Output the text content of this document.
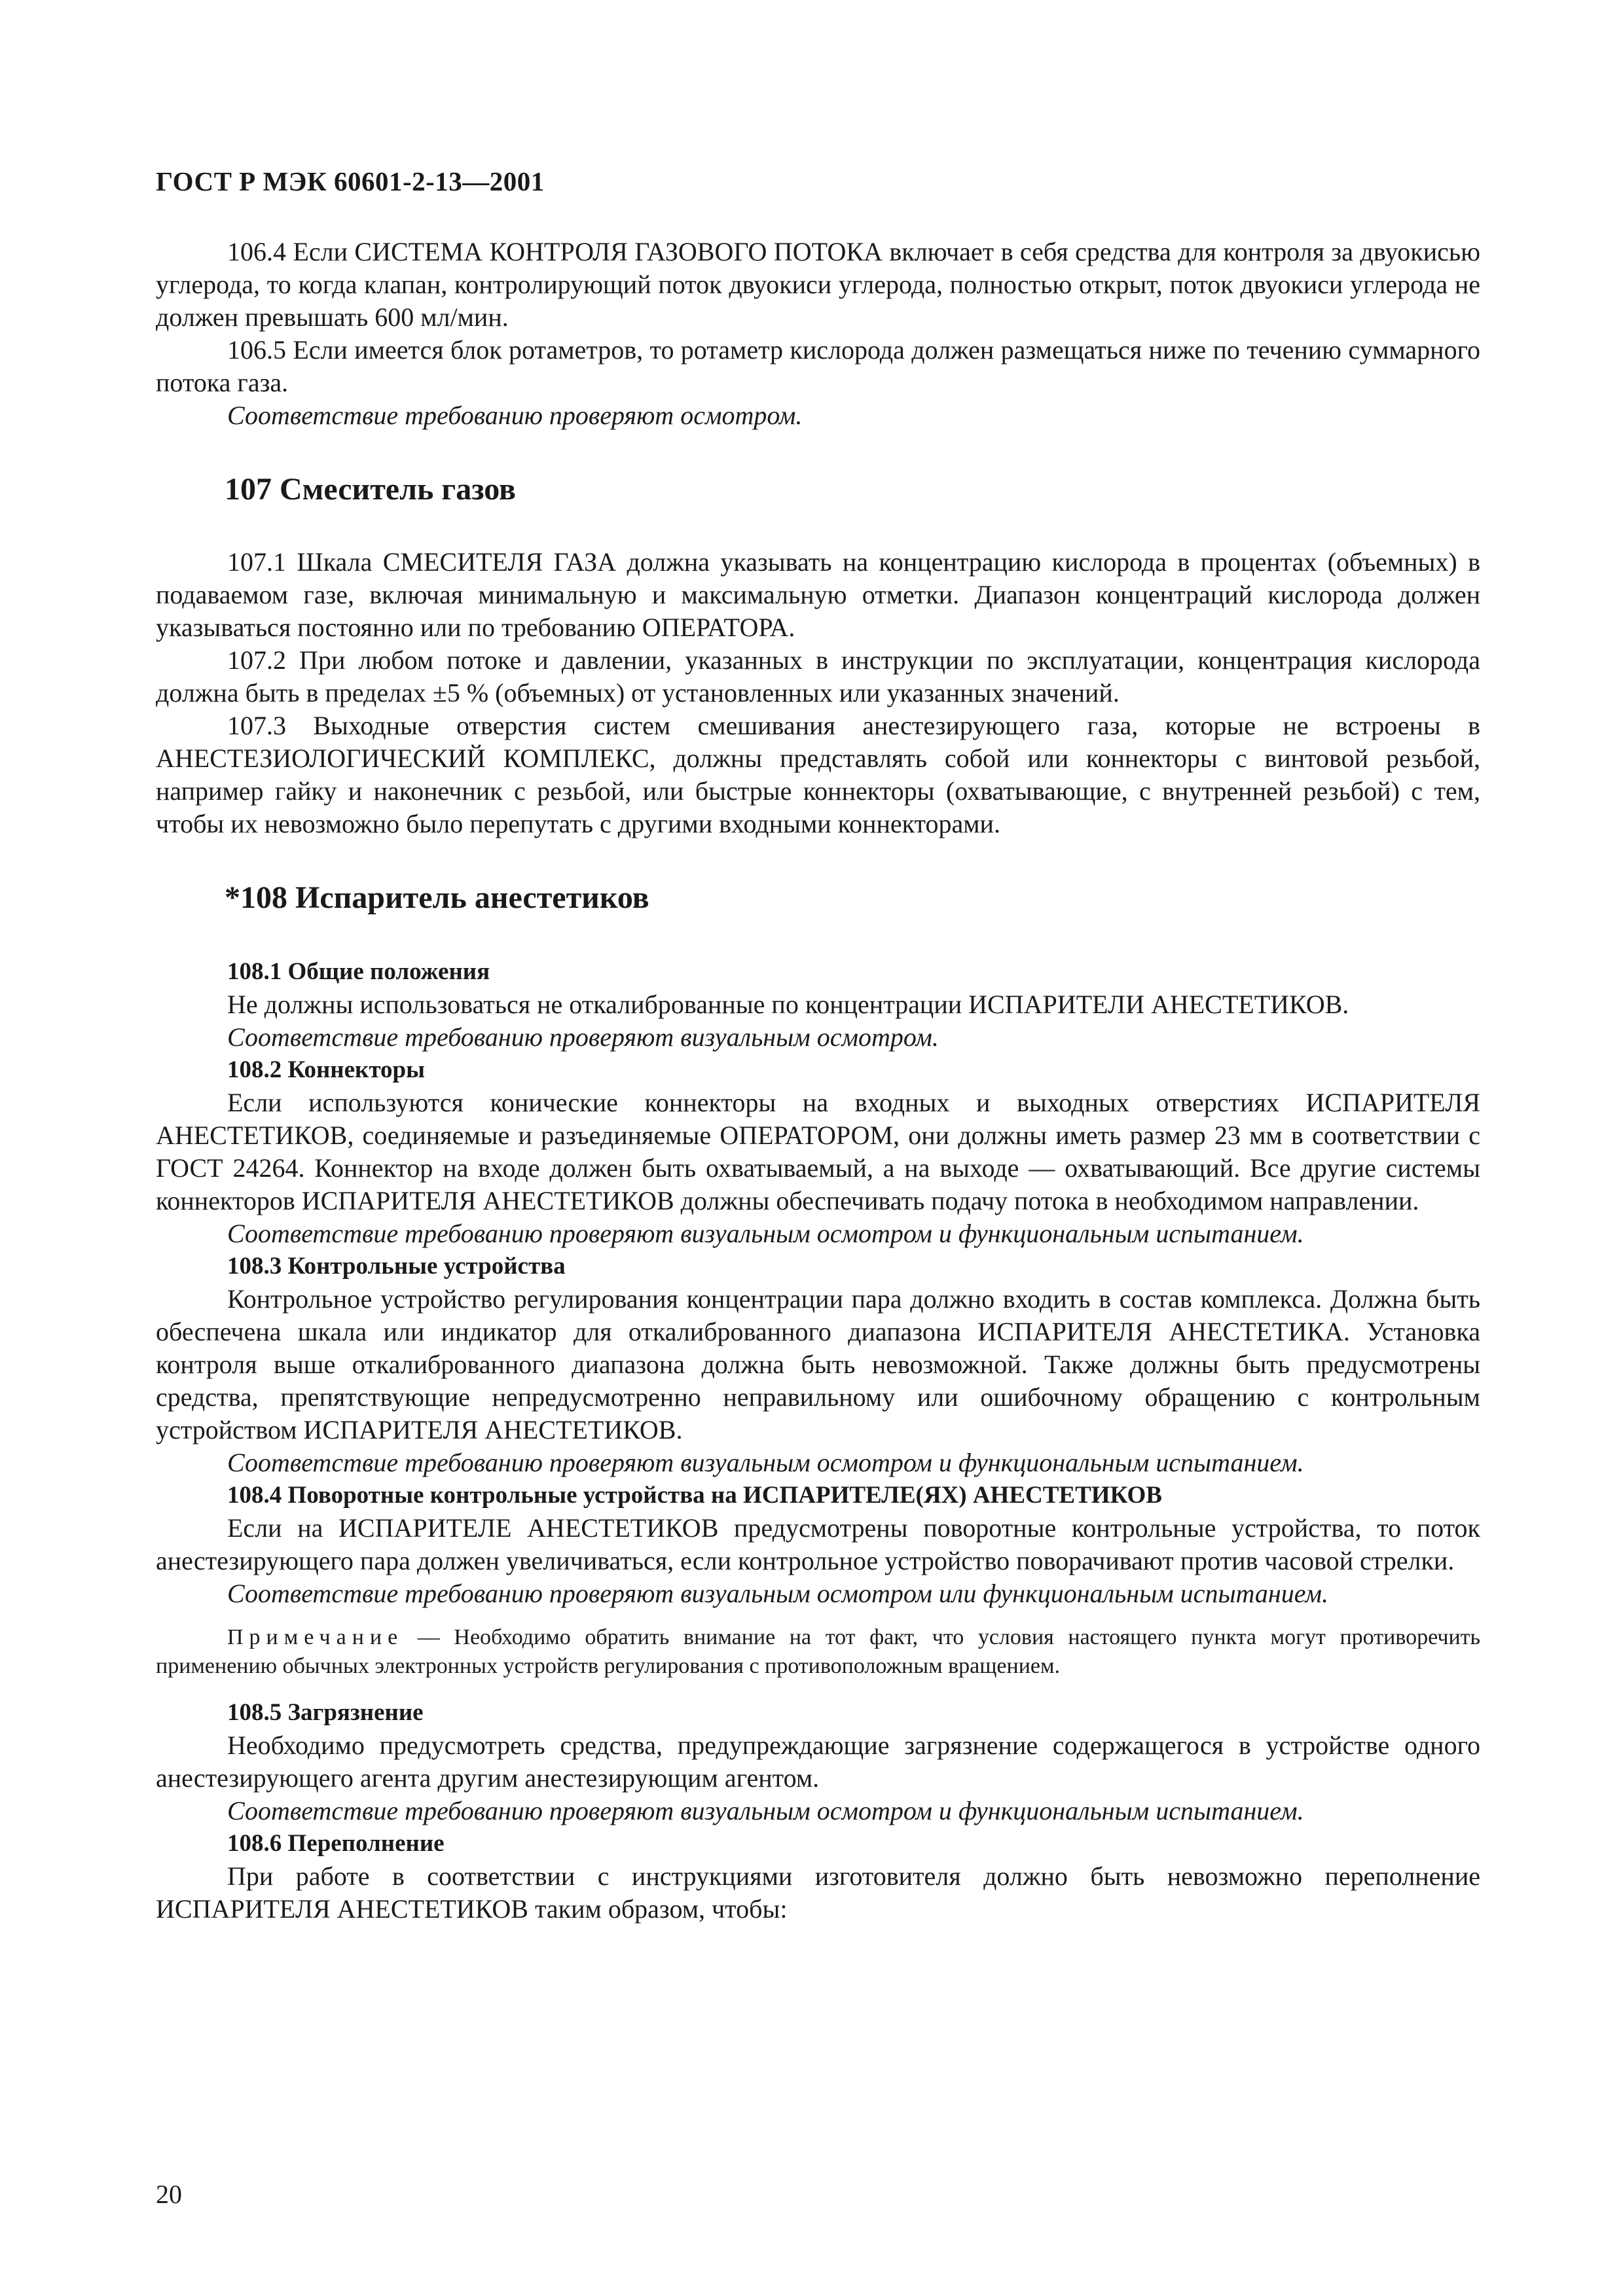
ГОСТ Р МЭК 60601-2-13—2001

106.4 Если СИСТЕМА КОНТРОЛЯ ГАЗОВОГО ПОТОКА включает в себя средства для контроля за двуокисью углерода, то когда клапан, контролирующий поток двуокиси углерода, полностью открыт, поток двуокиси углерода не должен превышать 600 мл/мин.

106.5 Если имеется блок ротаметров, то ротаметр кислорода должен размещаться ниже по течению суммарного потока газа.

Соответствие требованию проверяют осмотром.

107 Смеситель газов

107.1 Шкала СМЕСИТЕЛЯ ГАЗА должна указывать на концентрацию кислорода в процентах (объемных) в подаваемом газе, включая минимальную и максимальную отметки. Диапазон концентраций кислорода должен указываться постоянно или по требованию ОПЕРАТОРА.

107.2 При любом потоке и давлении, указанных в инструкции по эксплуатации, концентрация кислорода должна быть в пределах ±5 % (объемных) от установленных или указанных значений.

107.3 Выходные отверстия систем смешивания анестезирующего газа, которые не встроены в АНЕСТЕЗИОЛОГИЧЕСКИЙ КОМПЛЕКС, должны представлять собой или коннекторы с винтовой резьбой, например гайку и наконечник с резьбой, или быстрые коннекторы (охватывающие, с внутренней резьбой) с тем, чтобы их невозможно было перепутать с другими входными коннекторами.

*108 Испаритель анестетиков

108.1 Общие положения

Не должны использоваться не откалиброванные по концентрации ИСПАРИТЕЛИ АНЕСТЕТИКОВ.

Соответствие требованию проверяют визуальным осмотром.

108.2 Коннекторы

Если используются конические коннекторы на входных и выходных отверстиях ИСПАРИТЕЛЯ АНЕСТЕТИКОВ, соединяемые и разъединяемые ОПЕРАТОРОМ, они должны иметь размер 23 мм в соответствии с ГОСТ 24264. Коннектор на входе должен быть охватываемый, а на выходе — охватывающий. Все другие системы коннекторов ИСПАРИТЕЛЯ АНЕСТЕТИКОВ должны обеспечивать подачу потока в необходимом направлении.

Соответствие требованию проверяют визуальным осмотром и функциональным испытанием.

108.3 Контрольные устройства

Контрольное устройство регулирования концентрации пара должно входить в состав комплекса. Должна быть обеспечена шкала или индикатор для откалиброванного диапазона ИСПАРИТЕЛЯ АНЕСТЕТИКА. Установка контроля выше откалиброванного диапазона должна быть невозможной. Также должны быть предусмотрены средства, препятствующие непредусмотренно неправильному или ошибочному обращению с контрольным устройством ИСПАРИТЕЛЯ АНЕСТЕТИКОВ.

Соответствие требованию проверяют визуальным осмотром и функциональным испытанием.

108.4 Поворотные контрольные устройства на ИСПАРИТЕЛЕ(ЯХ) АНЕСТЕТИКОВ

Если на ИСПАРИТЕЛЕ АНЕСТЕТИКОВ предусмотрены поворотные контрольные устройства, то поток анестезирующего пара должен увеличиваться, если контрольное устройство поворачивают против часовой стрелки.

Соответствие требованию проверяют визуальным осмотром или функциональным испытанием.

Примечание — Необходимо обратить внимание на тот факт, что условия настоящего пункта могут противоречить применению обычных электронных устройств регулирования с противоположным вращением.

108.5 Загрязнение

Необходимо предусмотреть средства, предупреждающие загрязнение содержащегося в устройстве одного анестезирующего агента другим анестезирующим агентом.

Соответствие требованию проверяют визуальным осмотром и функциональным испытанием.

108.6 Переполнение

При работе в соответствии с инструкциями изготовителя должно быть невозможно переполнение ИСПАРИТЕЛЯ АНЕСТЕТИКОВ таким образом, чтобы:

20
